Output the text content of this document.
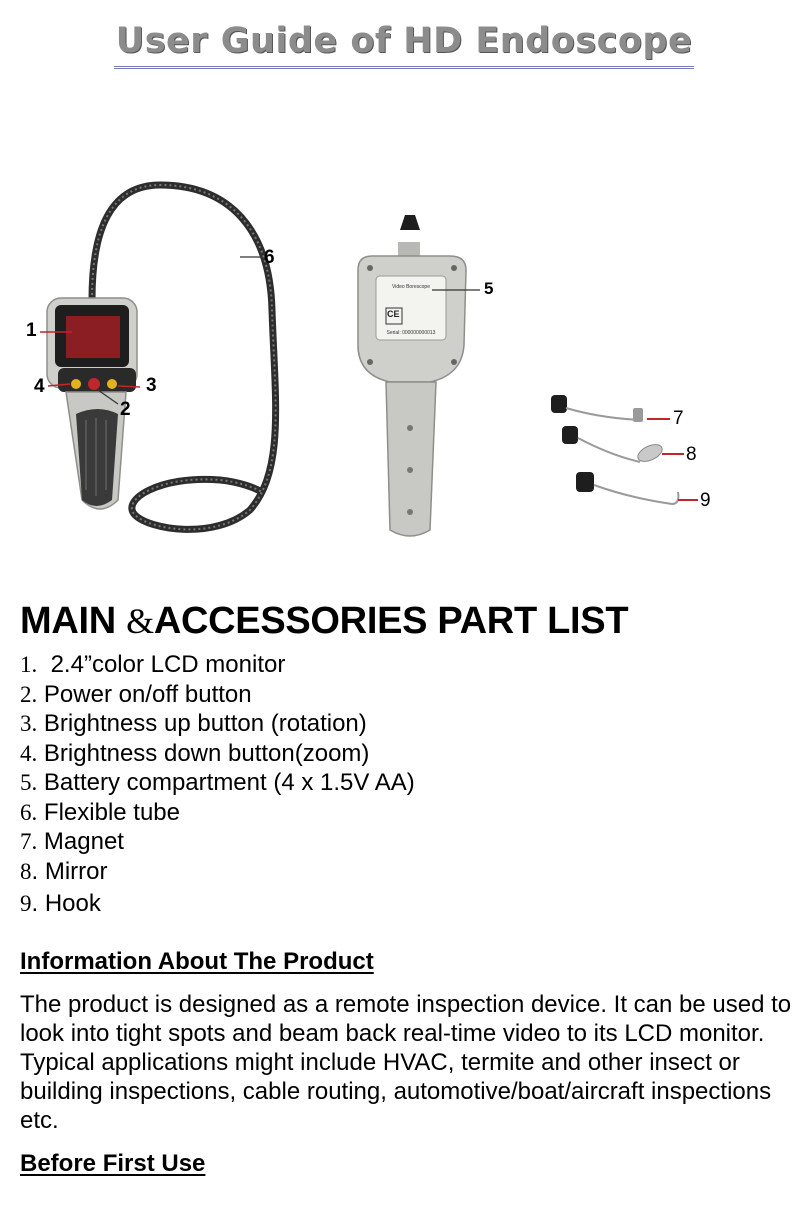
User Guide of HD Endoscope
1
2
3
4
5
6
7
8
9
Video Borescope
CE
Serial: 000000000013
MAIN &ACCESSORIES PART LIST
1.  2.4”color LCD monitor
2. Power on/off button
3. Brightness up button (rotation)
4. Brightness down button(zoom)
5. Battery compartment (4 x 1.5V AA)
6. Flexible tube
7. Magnet
8. Mirror
9. Hook
Information About The Product

The product is designed as a remote inspection device. It can be used to look into tight spots and beam back real-time video to its LCD monitor. Typical applications might include HVAC, termite and other insect or building inspections, cable routing, automotive/boat/aircraft inspections etc.

Before First Use
